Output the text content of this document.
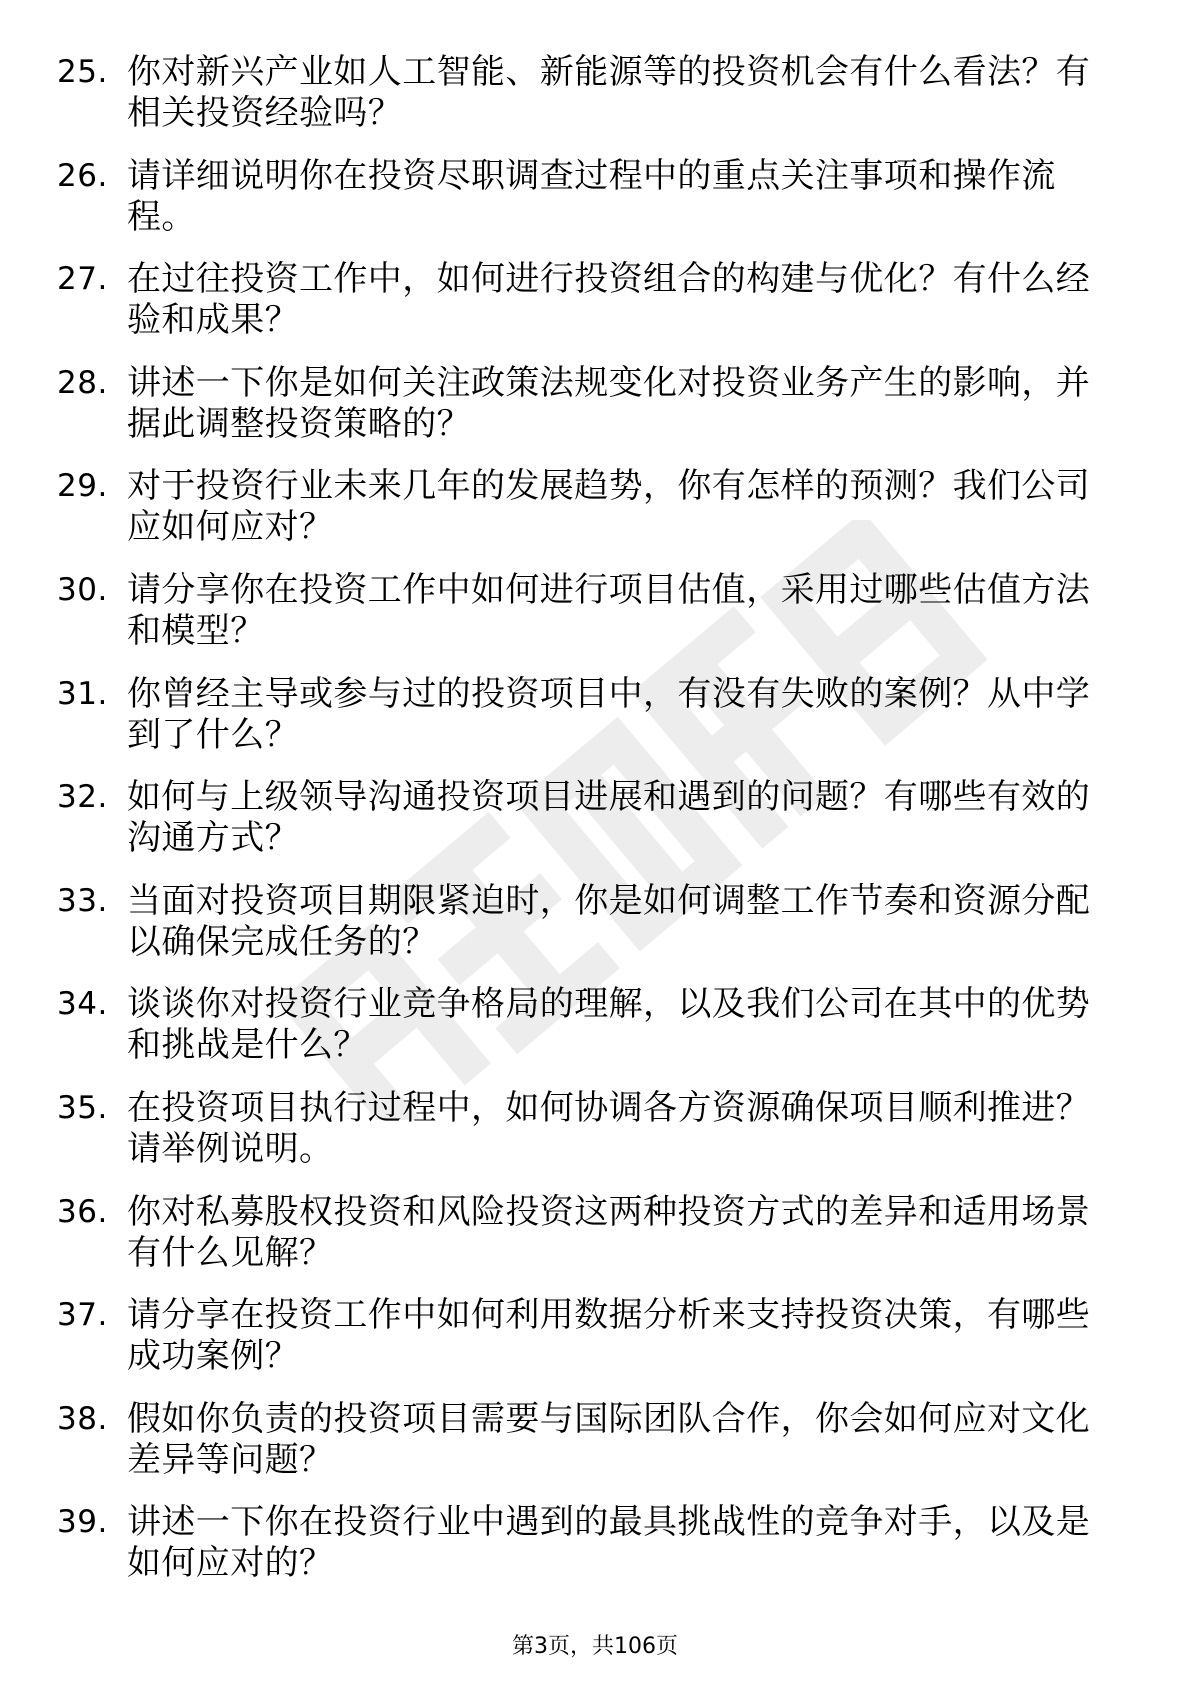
25. 你对新兴产业如人工智能、新能源等的投资机会有什么看法？有相关投资经验吗？
26. 请详细说明你在投资尽职调查过程中的重点关注事项和操作流程。
27. 在过往投资工作中，如何进行投资组合的构建与优化？有什么经验和成果？
28. 讲述一下你是如何关注政策法规变化对投资业务产生的影响，并据此调整投资策略的？
29. 对于投资行业未来几年的发展趋势，你有怎样的预测？我们公司应如何应对？
30. 请分享你在投资工作中如何进行项目估值，采用过哪些估值方法和模型？
31. 你曾经主导或参与过的投资项目中，有没有失败的案例？从中学到了什么？
32. 如何与上级领导沟通投资项目进展和遇到的问题？有哪些有效的沟通方式？
33. 当面对投资项目期限紧迫时，你是如何调整工作节奏和资源分配以确保完成任务的？
34. 谈谈你对投资行业竞争格局的理解，以及我们公司在其中的优势和挑战是什么？
35. 在投资项目执行过程中，如何协调各方资源确保项目顺利推进？请举例说明。
36. 你对私募股权投资和风险投资这两种投资方式的差异和适用场景有什么见解？
37. 请分享在投资工作中如何利用数据分析来支持投资决策，有哪些成功案例？
38. 假如你负责的投资项目需要与国际团队合作，你会如何应对文化差异等问题？
39. 讲述一下你在投资行业中遇到的最具挑战性的竞争对手，以及是如何应对的？
第3页，共106页
